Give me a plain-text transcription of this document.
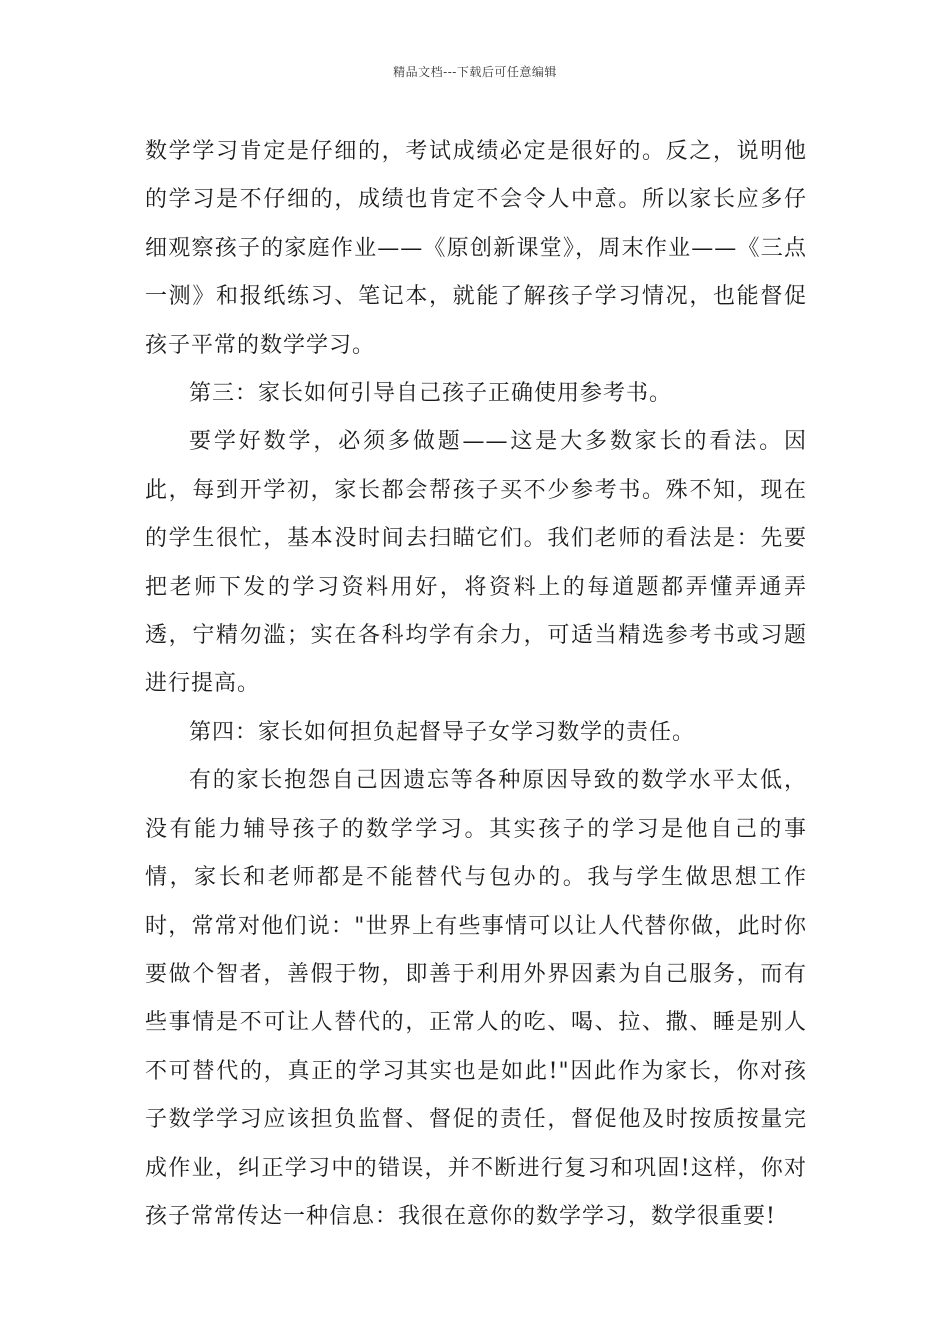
精品文档---下载后可任意编辑

数学学习肯定是仔细的，考试成绩必定是很好的。反之，说明他的学习是不仔细的，成绩也肯定不会令人中意。所以家长应多仔细观察孩子的家庭作业——《原创新课堂》，周末作业——《三点一测》和报纸练习、笔记本，就能了解孩子学习情况，也能督促孩子平常的数学学习。

第三：家长如何引导自己孩子正确使用参考书。

要学好数学，必须多做题——这是大多数家长的看法。因此，每到开学初，家长都会帮孩子买不少参考书。殊不知，现在的学生很忙，基本没时间去扫瞄它们。我们老师的看法是：先要把老师下发的学习资料用好，将资料上的每道题都弄懂弄通弄透，宁精勿滥；实在各科均学有余力，可适当精选参考书或习题进行提高。

第四：家长如何担负起督导子女学习数学的责任。

有的家长抱怨自己因遗忘等各种原因导致的数学水平太低，没有能力辅导孩子的数学学习。其实孩子的学习是他自己的事情，家长和老师都是不能替代与包办的。我与学生做思想工作时，常常对他们说："世界上有些事情可以让人代替你做，此时你要做个智者，善假于物，即善于利用外界因素为自己服务，而有些事情是不可让人替代的，正常人的吃、喝、拉、撒、睡是别人不可替代的，真正的学习其实也是如此!"因此作为家长，你对孩子数学学习应该担负监督、督促的责任，督促他及时按质按量完成作业，纠正学习中的错误，并不断进行复习和巩固!这样，你对孩子常常传达一种信息：我很在意你的数学学习，数学很重要!
